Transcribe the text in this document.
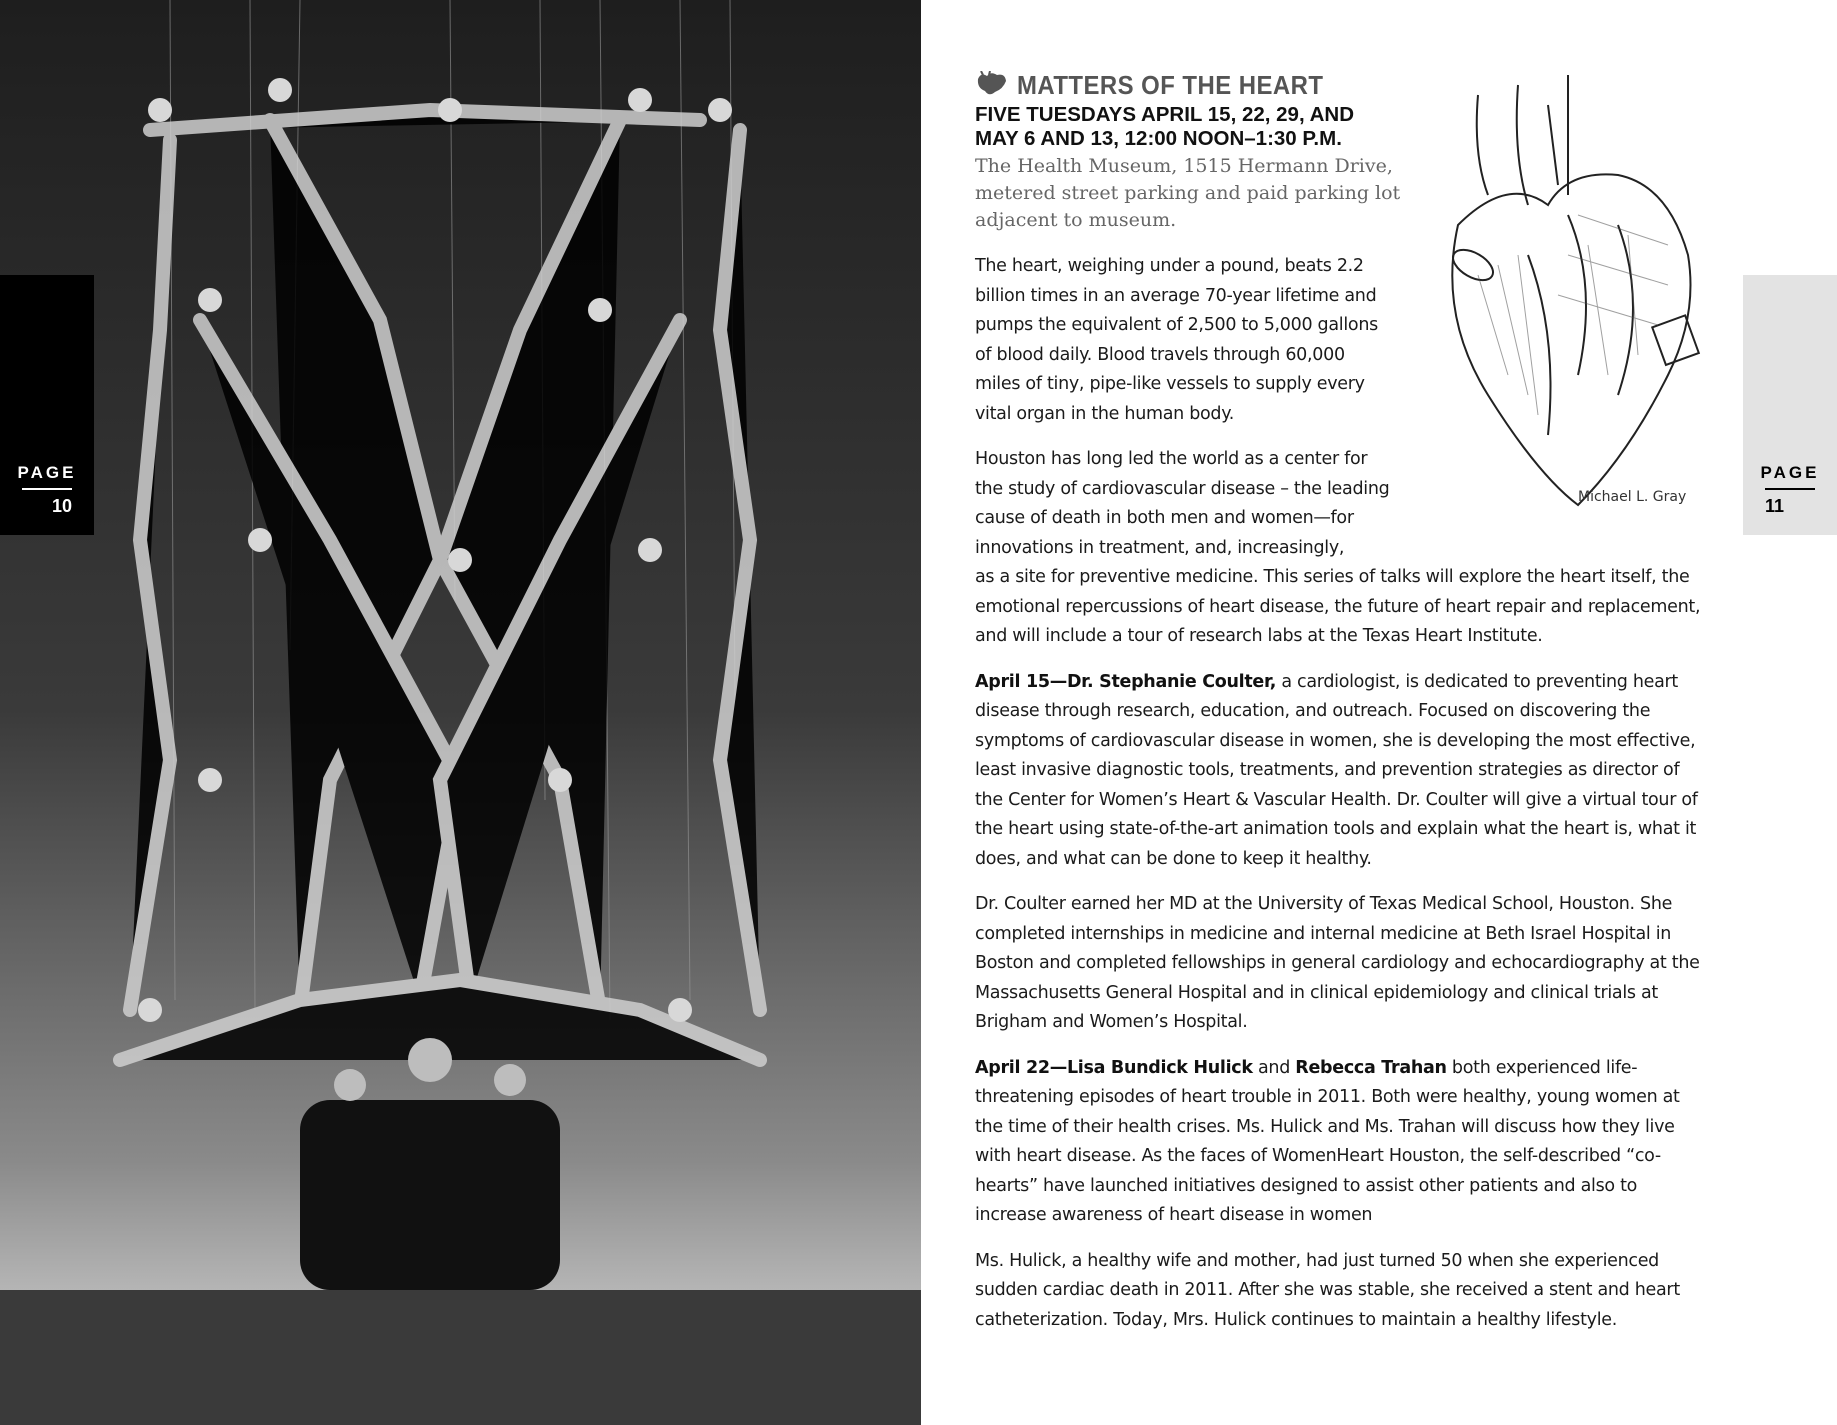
PAGE
10
PAGE
11
Michael L. Gray
MATTERS OF THE HEART
FIVE TUESDAYS APRIL 15, 22, 29, AND MAY 6 AND 13, 12:00 NOON–1:30 P.M.
The Health Museum, 1515 Hermann Drive, metered street parking and paid parking lot adjacent to museum.

The heart, weighing under a pound, beats 2.2 billion times in an average 70-year lifetime and pumps the equivalent of 2,500 to 5,000 gallons of blood daily. Blood travels through 60,000 miles of tiny, pipe-like vessels to supply every vital organ in the human body.

Houston has long led the world as a center for the study of cardiovascular disease – the leading cause of death in both men and women—for innovations in treatment, and, increasingly,

as a site for preventive medicine. This series of talks will explore the heart itself, the emotional repercussions of heart disease, the future of heart repair and replacement, and will include a tour of research labs at the Texas Heart Institute.

April 15—Dr. Stephanie Coulter, a cardiologist, is dedicated to preventing heart disease through research, education, and outreach. Focused on discovering the symptoms of cardiovascular disease in women, she is developing the most effective, least invasive diagnostic tools, treatments, and prevention strategies as director of the Center for Women’s Heart & Vascular Health. Dr. Coulter will give a virtual tour of the heart using state-of-the-art animation tools and explain what the heart is, what it does, and what can be done to keep it healthy.

Dr. Coulter earned her MD at the University of Texas Medical School, Houston. She completed internships in medicine and internal medicine at Beth Israel Hospital in Boston and completed fellowships in general cardiology and echocardiography at the Massachusetts General Hospital and in clinical epidemiology and clinical trials at Brigham and Women’s Hospital.

April 22—Lisa Bundick Hulick and Rebecca Trahan both experienced life-threatening episodes of heart trouble in 2011. Both were healthy, young women at the time of their health crises. Ms. Hulick and Ms. Trahan will discuss how they live with heart disease. As the faces of WomenHeart Houston, the self-described “co-hearts” have launched initiatives designed to assist other patients and also to increase awareness of heart disease in women

Ms. Hulick, a healthy wife and mother, had just turned 50 when she experienced sudden cardiac death in 2011. After she was stable, she received a stent and heart catheterization. Today, Mrs. Hulick continues to maintain a healthy lifestyle.
